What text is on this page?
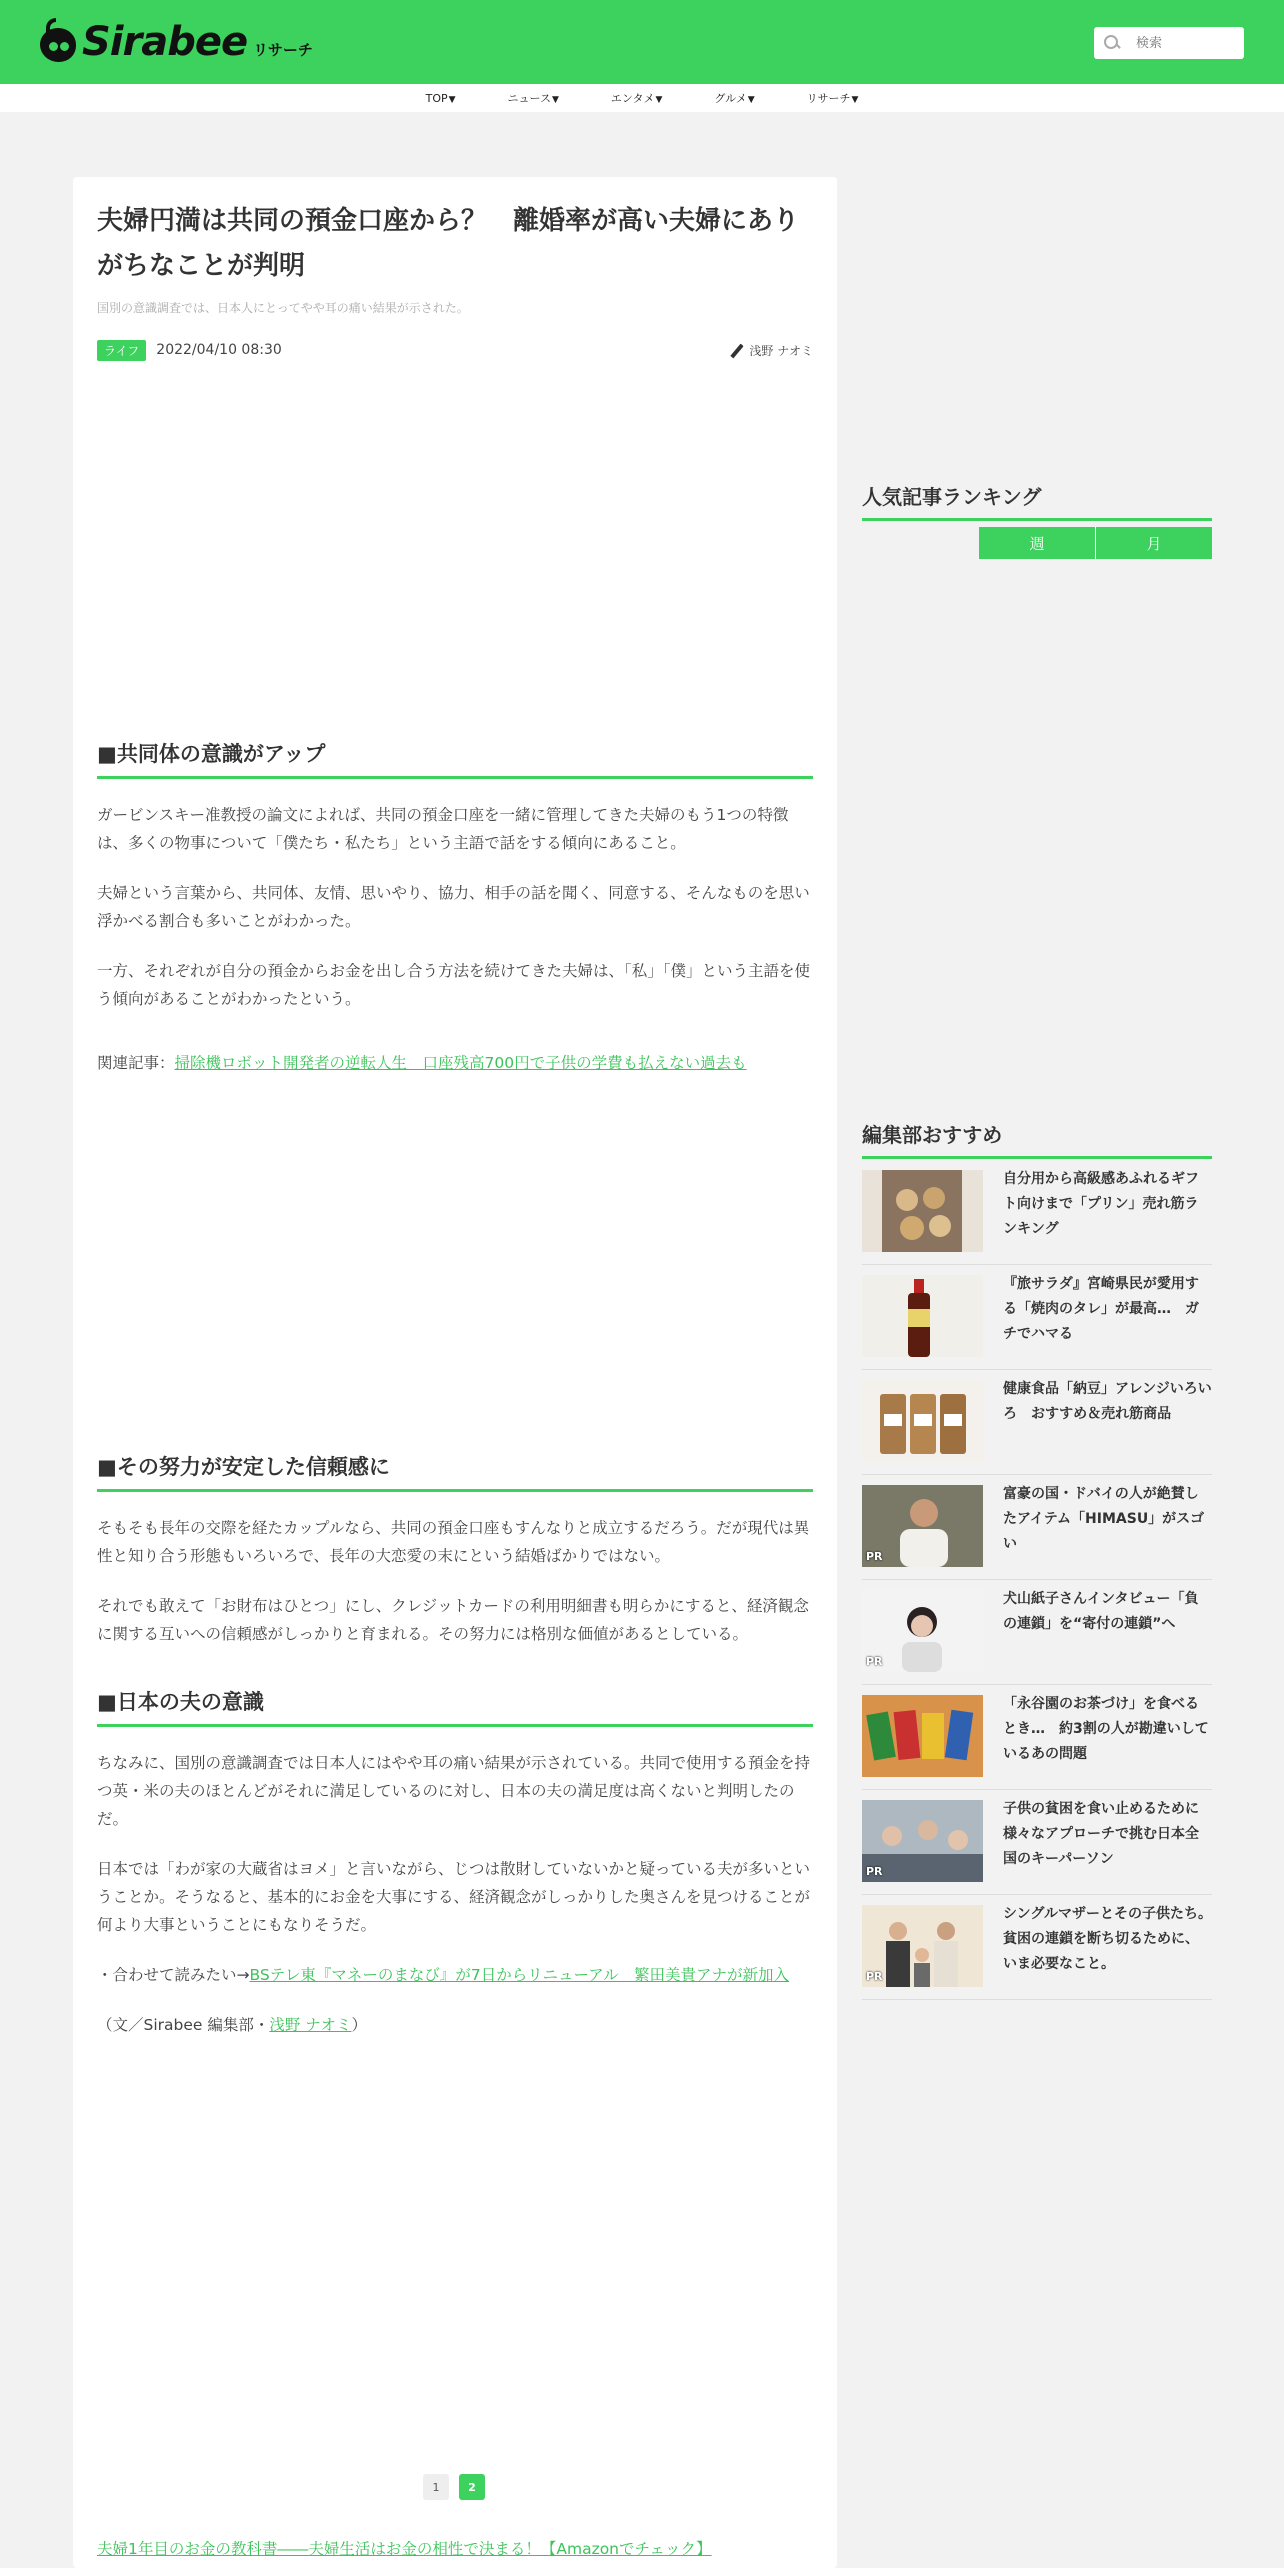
Sirabee リサーチ
検索
TOP ▼	ニュース ▼	エンタメ ▼	グルメ ▼	リサーチ ▼
夫婦円満は共同の預金口座から？　離婚率が高い夫婦にありがちなことが判明
国別の意識調査では、日本人にとってやや耳の痛い結果が示された。
ライフ	2022/04/10 08:30	浅野 ナオミ
■共同体の意識がアップ

ガービンスキー准教授の論文によれば、共同の預金口座を一緒に管理してきた夫婦のもう1つの特徴は、多くの物事について「僕たち・私たち」という主語で話をする傾向にあること。

夫婦という言葉から、共同体、友情、思いやり、協力、相手の話を聞く、同意する、そんなものを思い浮かべる割合も多いことがわかった。

一方、それぞれが自分の預金からお金を出し合う方法を続けてきた夫婦は、「私」「僕」という主語を使う傾向があることがわかったという。

関連記事：掃除機ロボット開発者の逆転人生　口座残高700円で子供の学費も払えない過去も

■その努力が安定した信頼感に

そもそも長年の交際を経たカップルなら、共同の預金口座もすんなりと成立するだろう。だが現代は異性と知り合う形態もいろいろで、長年の大恋愛の末にという結婚ばかりではない。

それでも敢えて「お財布はひとつ」にし、クレジットカードの利用明細書も明らかにすると、経済観念に関する互いへの信頼感がしっかりと育まれる。その努力には格別な価値があるとしている。

■日本の夫の意識

ちなみに、国別の意識調査では日本人にはやや耳の痛い結果が示されている。共同で使用する預金を持つ英・米の夫のほとんどがそれに満足しているのに対し、日本の夫の満足度は高くないと判明したのだ。

日本では「わが家の大蔵省はヨメ」と言いながら、じつは散財していないかと疑っている夫が多いということか。そうなると、基本的にお金を大事にする、経済観念がしっかりした奥さんを見つけることが何より大事ということにもなりそうだ。

・合わせて読みたい→BSテレ東『マネーのまなび』が7日からリニューアル　繁田美貴アナが新加入

（文／Sirabee 編集部・浅野 ナオミ）

1	2
夫婦1年目のお金の教科書――夫婦生活はお金の相性で決まる！【Amazonでチェック】
人気記事ランキング
週	月
編集部おすすめ
自分用から高級感あふれるギフト向けまで「プリン」売れ筋ランキング
『旅サラダ』宮崎県民が愛用する「焼肉のタレ」が最高…　ガチでハマる
健康食品「納豆」アレンジいろいろ　おすすめ＆売れ筋商品
PR
富豪の国・ドバイの人が絶賛したアイテム「HIMASU」がスゴい
PR
犬山紙子さんインタビュー「負の連鎖」を“寄付の連鎖”へ
「永谷園のお茶づけ」を食べるとき…　約3割の人が勘違いしているあの問題
PR
子供の貧困を食い止めるために様々なアプローチで挑む日本全国のキーパーソン
PR
シングルマザーとその子供たち。貧困の連鎖を断ち切るために、いま必要なこと。
